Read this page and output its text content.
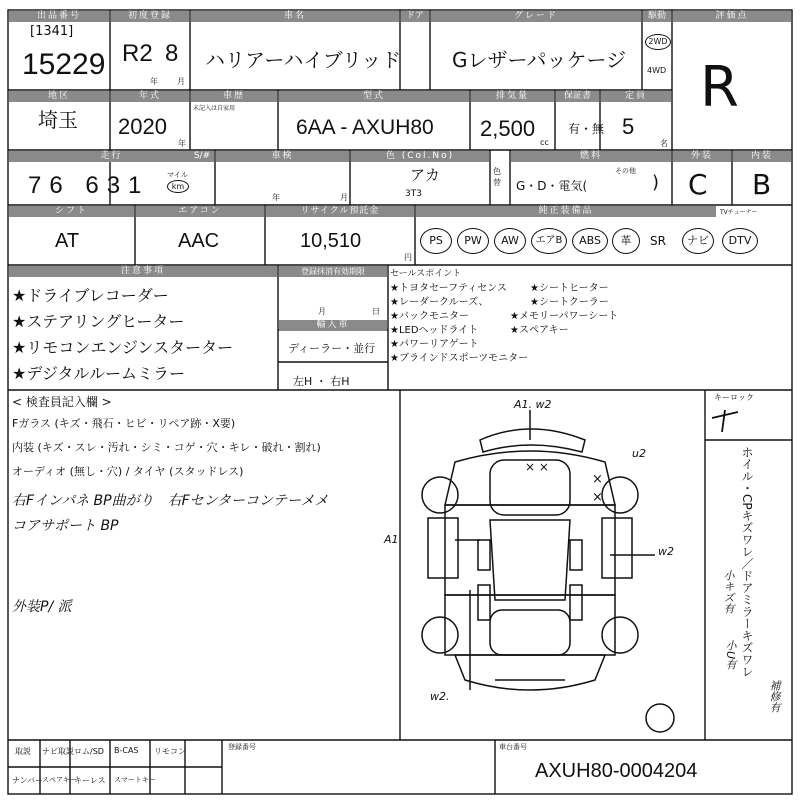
出品番号
[1341]
15229
初度登録
R2 8
年 月
車名
ハリアーハイブリッド
ドア	グレード
Gレザーパッケージ
駆動
2WD
4WD
評価点
R
地区
埼玉
年式
2020
年
車歴
未記入は自家用
型式
6AA - AXUH80
排気量
2,500
cc
保証書
有・無
定員
5
名
走行
76 631	マイル
km
S/#	車検
年	月
色 (Col.No)
アカ
3T3
色替
燃料
その他
G・D・電気(	)
外装
C
内装
B
シフト
AT
エアコン
AAC
リサイクル預託金
10,510
円
純正装備品	TVチューナー
PS	PW	AW	エアB	ABS	革	SR	ナビ	DTV
注意事項
★ドライブレコーダー
★ステアリングヒーター
★リモコンエンジンスターター
★デジタルルームミラー
登録抹消有効期限
月	日
輸入車
ディーラー・並行
左H ・ 右H
セールスポイント
★トヨタセーフティセンス ★シートヒーター
★レーダークルーズ、	★シートクーラー
★バックモニター	★メモリーパワーシート
★LEDヘッドライト	★スペアキー
★パワーリアゲート
★ブラインドスポーツモニター
< 検査員記入欄 >
Fガラス (キズ・飛石・ヒビ・リペア跡・X要)
内装 (キズ・スレ・汚れ・シミ・コゲ・穴・キレ・破れ・割れ)
オーディオ (無し・穴) / タイヤ (スタッドレス)
右Fインパネ BP曲がり　右Fセンターコンテーメメ
コアサポート BP
外装P/ 派
A1. w2
× ×
u2
×
×
A1
w2
w2.
キーロック
ホイル・CPキズワレ／ドアミラーキズワレ
小キズ有
小U有
補修有
取説 ナビ取説 ロム/SD B-CAS リモコン
ナンバー
スペアキー
キーレス スマートキー
登録番号	車台番号
AXUH80-0004204
